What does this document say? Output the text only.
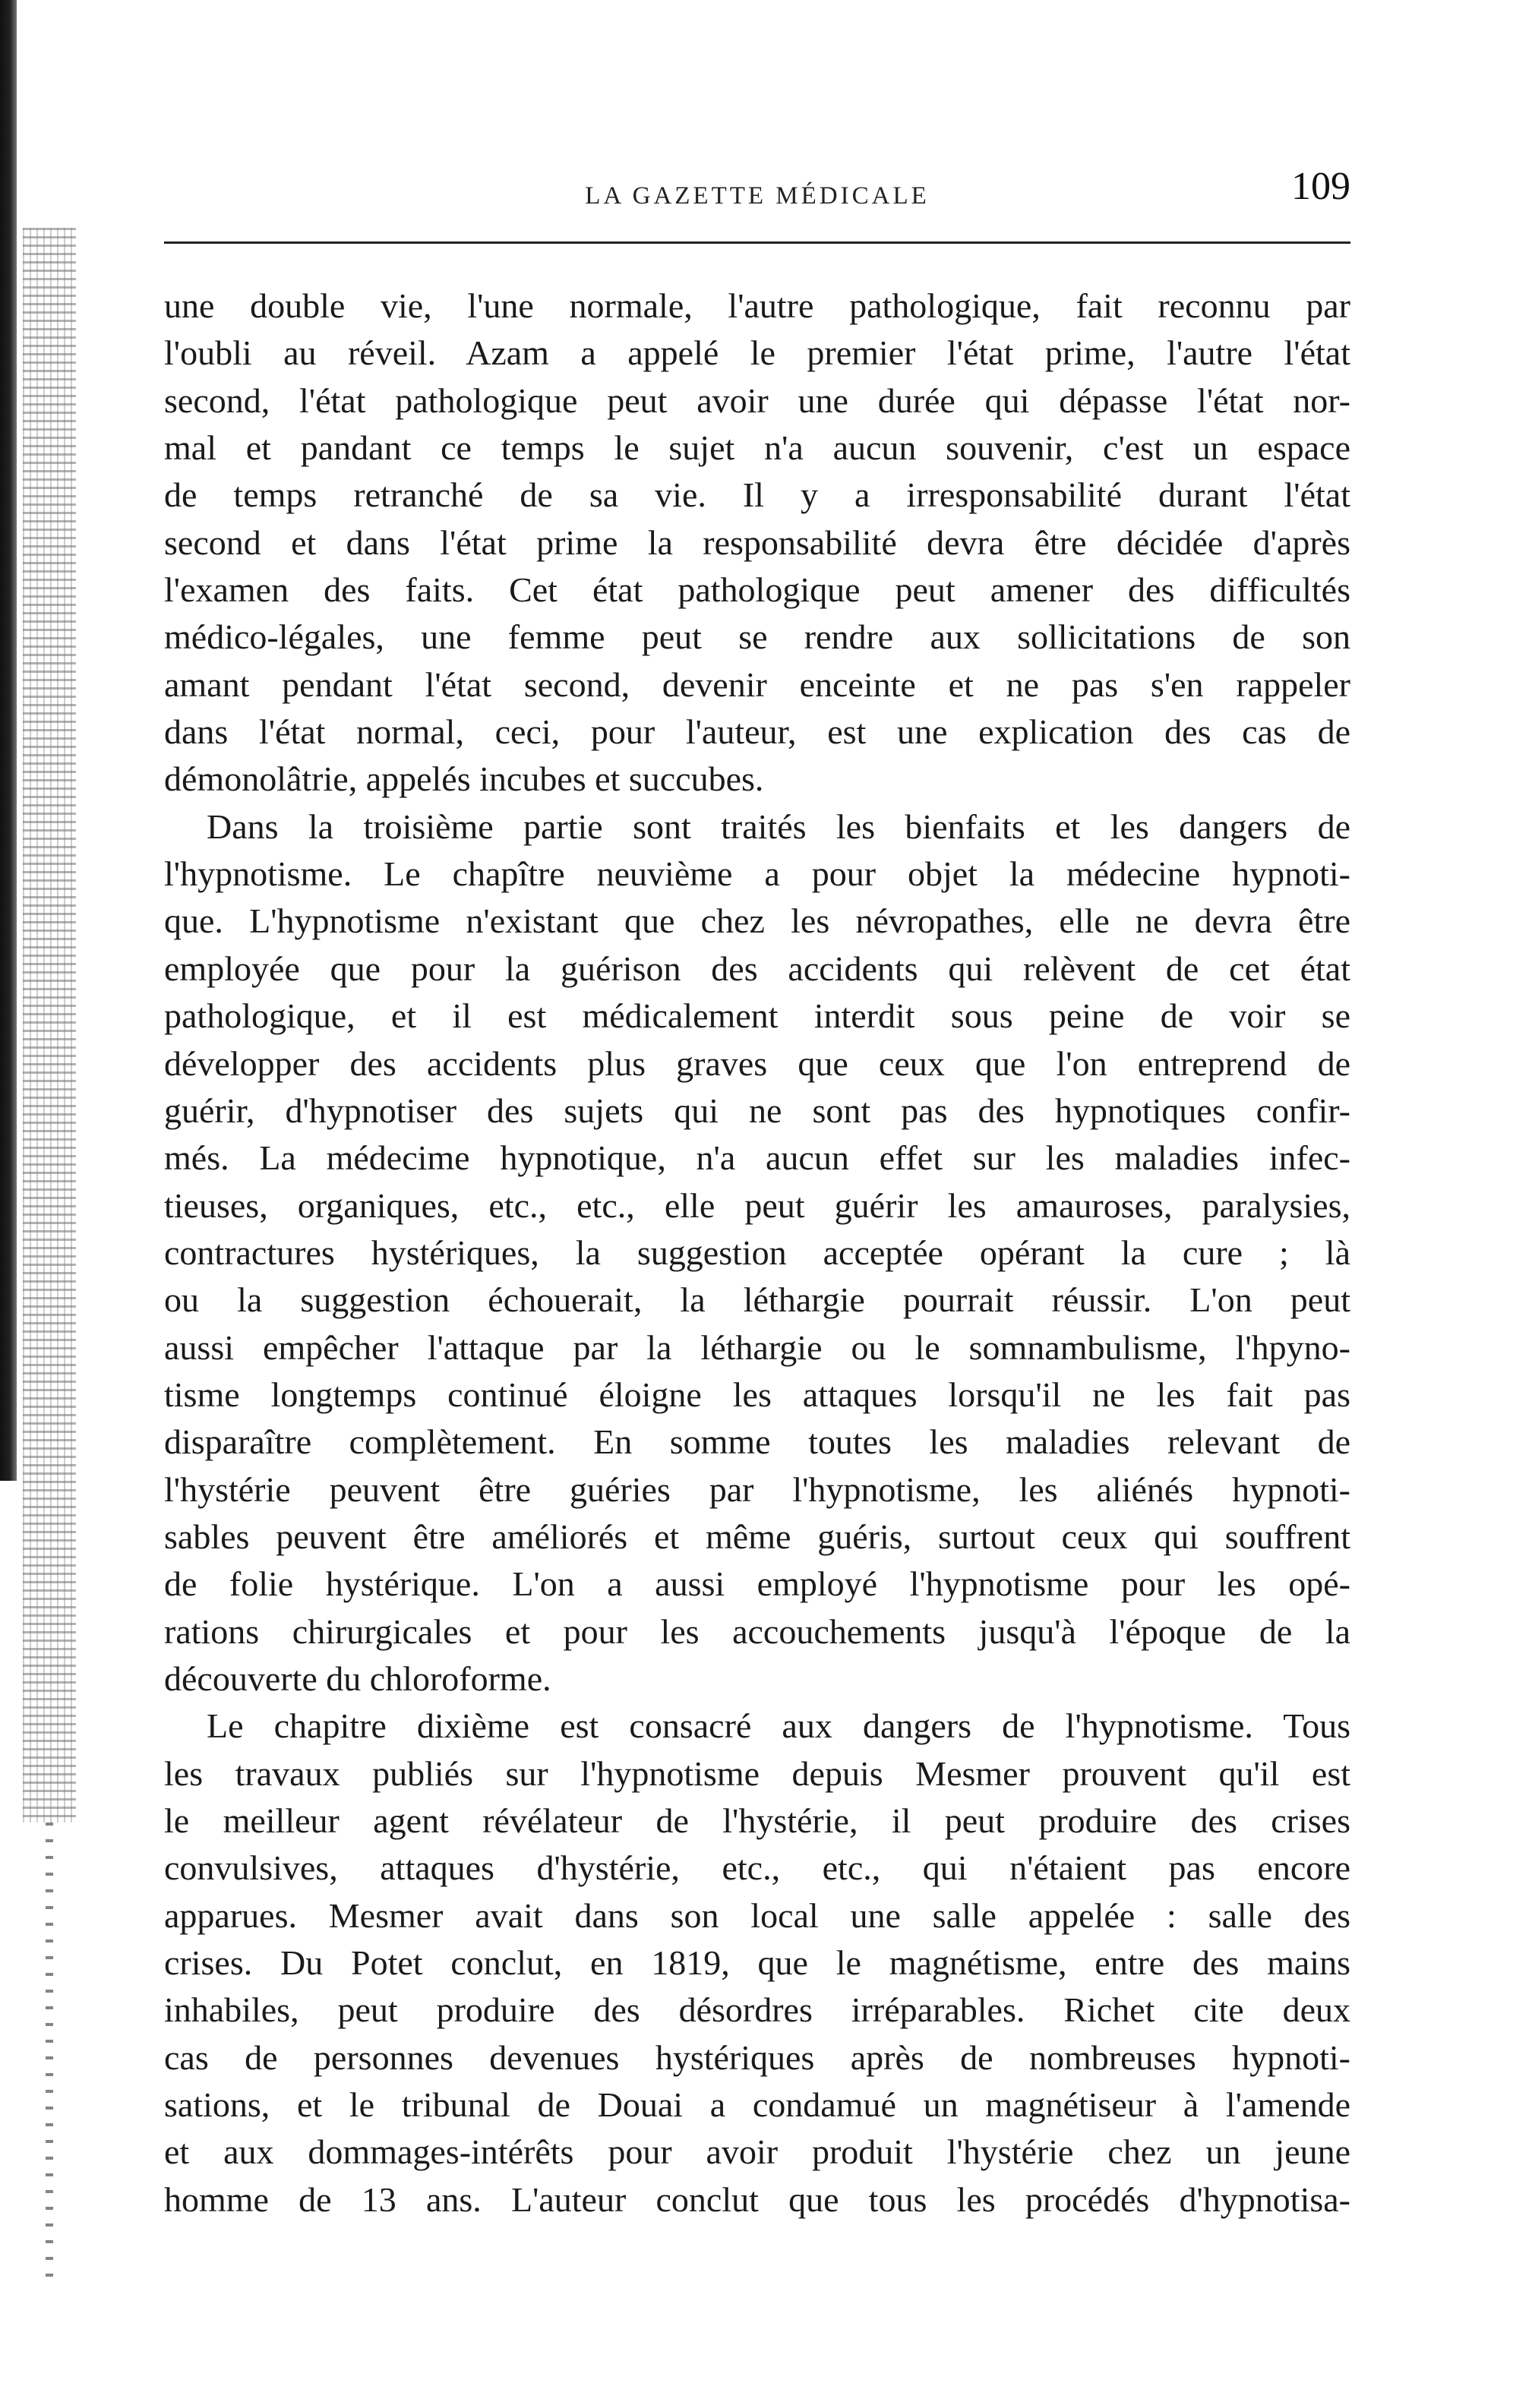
LA GAZETTE MÉDICALE	109
une double vie, l'une normale, l'autre pathologique, fait reconnu par
l'oubli au réveil. Azam a appelé le premier l'état prime, l'autre l'état
second, l'état pathologique peut avoir une durée qui dépasse l'état nor-
mal et pandant ce temps le sujet n'a aucun souvenir, c'est un espace
de temps retranché de sa vie. Il y a irresponsabilité durant l'état
second et dans l'état prime la responsabilité devra être décidée d'après
l'examen des faits. Cet état pathologique peut amener des difficultés
médico-légales, une femme peut se rendre aux sollicitations de son
amant pendant l'état second, devenir enceinte et ne pas s'en rappeler
dans l'état normal, ceci, pour l'auteur, est une explication des cas de
démonolâtrie, appelés incubes et succubes.
Dans la troisième partie sont traités les bienfaits et les dangers de
l'hypnotisme. Le chapître neuvième a pour objet la médecine hypnoti-
que. L'hypnotisme n'existant que chez les névropathes, elle ne devra être
employée que pour la guérison des accidents qui relèvent de cet état
pathologique, et il est médicalement interdit sous peine de voir se
développer des accidents plus graves que ceux que l'on entreprend de
guérir, d'hypnotiser des sujets qui ne sont pas des hypnotiques confir-
més. La médecime hypnotique, n'a aucun effet sur les maladies infec-
tieuses, organiques, etc., etc., elle peut guérir les amauroses, paralysies,
contractures hystériques, la suggestion acceptée opérant la cure ; là
ou la suggestion échouerait, la léthargie pourrait réussir. L'on peut
aussi empêcher l'attaque par la léthargie ou le somnambulisme, l'hpyno-
tisme longtemps continué éloigne les attaques lorsqu'il ne les fait pas
disparaître complètement. En somme toutes les maladies relevant de
l'hystérie peuvent être guéries par l'hypnotisme, les aliénés hypnoti-
sables peuvent être améliorés et même guéris, surtout ceux qui souffrent
de folie hystérique. L'on a aussi employé l'hypnotisme pour les opé-
rations chirurgicales et pour les accouchements jusqu'à l'époque de la
découverte du chloroforme.
Le chapitre dixième est consacré aux dangers de l'hypnotisme. Tous
les travaux publiés sur l'hypnotisme depuis Mesmer prouvent qu'il est
le meilleur agent révélateur de l'hystérie, il peut produire des crises
convulsives, attaques d'hystérie, etc., etc., qui n'étaient pas encore
apparues. Mesmer avait dans son local une salle appelée : salle des
crises. Du Potet conclut, en 1819, que le magnétisme, entre des mains
inhabiles, peut produire des désordres irréparables. Richet cite deux
cas de personnes devenues hystériques après de nombreuses hypnoti-
sations, et le tribunal de Douai a condamué un magnétiseur à l'amende
et aux dommages-intérêts pour avoir produit l'hystérie chez un jeune
homme de 13 ans. L'auteur conclut que tous les procédés d'hypnotisa-
